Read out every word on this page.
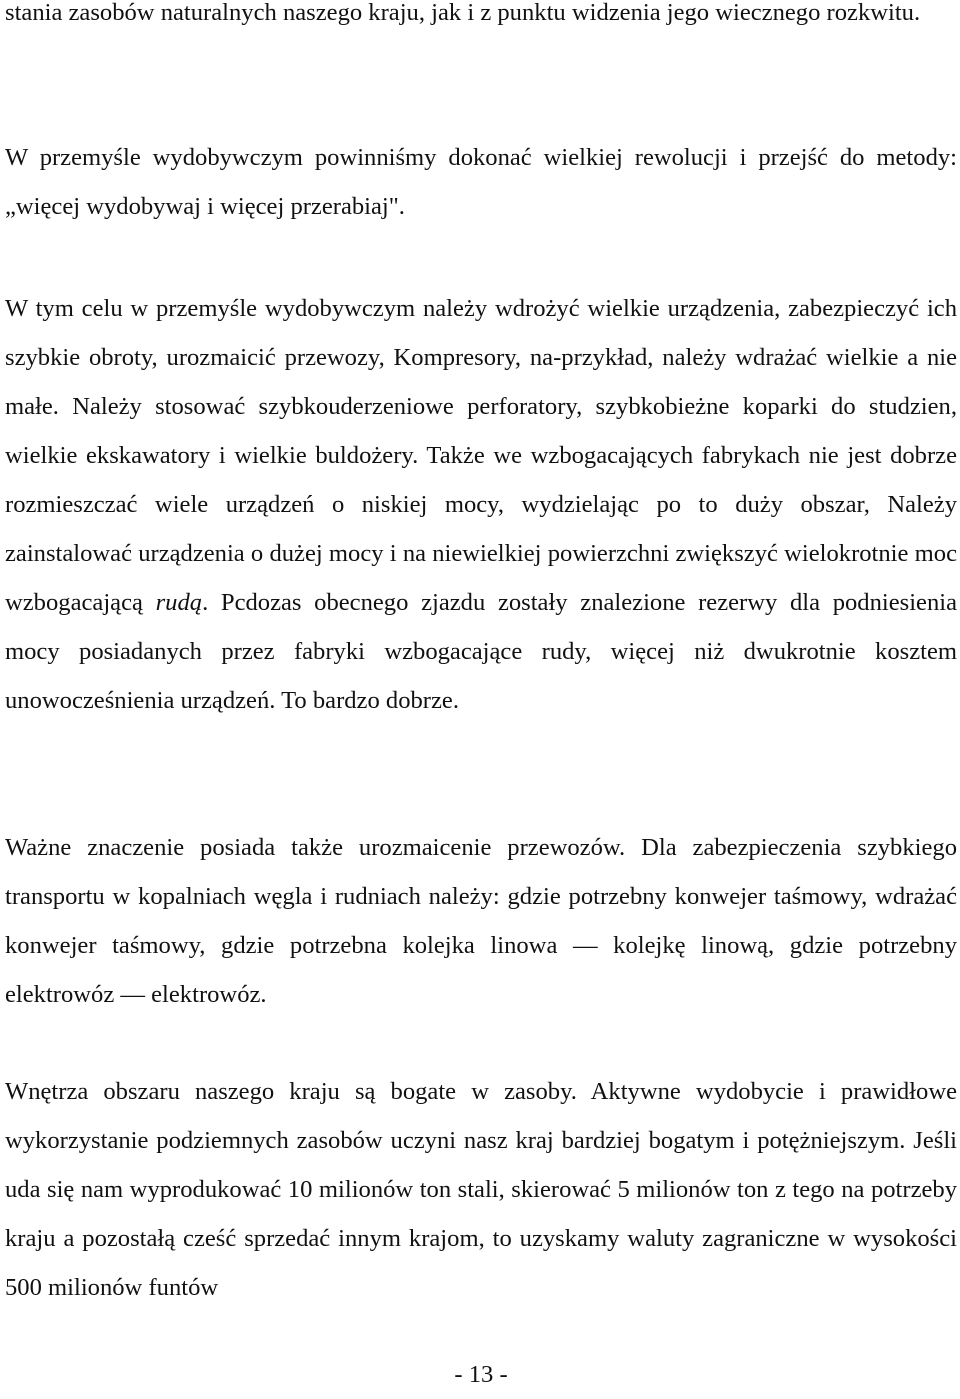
stania zasobów naturalnych naszego kraju, jak i z punktu widzenia jego wiecznego rozkwitu.

W przemyśle wydobywczym powinniśmy dokonać wielkiej rewolucji i przejść do metody: „więcej wydobywaj i więcej przerabiaj".

W tym celu w przemyśle wydobywczym należy wdrożyć wielkie urządzenia, zabezpieczyć ich szybkie obroty, urozmaicić przewozy, Kompresory, na-przykład, należy wdrażać wielkie a nie małe. Należy stosować szybkouderzeniowe perforatory, szybkobieżne koparki do studzien, wielkie ekskawatory i wielkie buldożery. Także we wzbogacających fabrykach nie jest dobrze rozmieszczać wiele urządzeń o niskiej mocy, wydzielając po to duży obszar, Należy zainstalować urządzenia o dużej mocy i na niewielkiej powierzchni zwiększyć wielokrotnie moc wzbogacającą rudą. Pcdozas obecnego zjazdu zostały znalezione rezerwy dla podniesienia mocy posiadanych przez fabryki wzbogacające rudy, więcej niż dwukrotnie kosztem unowocześnienia urządzeń. To bardzo dobrze.

Ważne znaczenie posiada także urozmaicenie przewozów. Dla zabezpieczenia szybkiego transportu w kopalniach węgla i rudniach należy: gdzie potrzebny konwejer taśmowy, wdrażać konwejer taśmowy, gdzie potrzebna kolejka linowa — kolejkę linową, gdzie potrzebny elektrowóz — elektrowóz.

Wnętrza obszaru naszego kraju są bogate w zasoby. Aktywne wydobycie i prawidłowe wykorzystanie podziemnych zasobów uczyni nasz kraj bardziej bogatym i potężniejszym. Jeśli uda się nam wyprodukować 10 milionów ton stali, skierować 5 milionów ton z tego na potrzeby kraju a pozostałą cześć sprzedać innym krajom, to uzyskamy waluty zagraniczne w wysokości 500 milionów funtów

- 13 -
